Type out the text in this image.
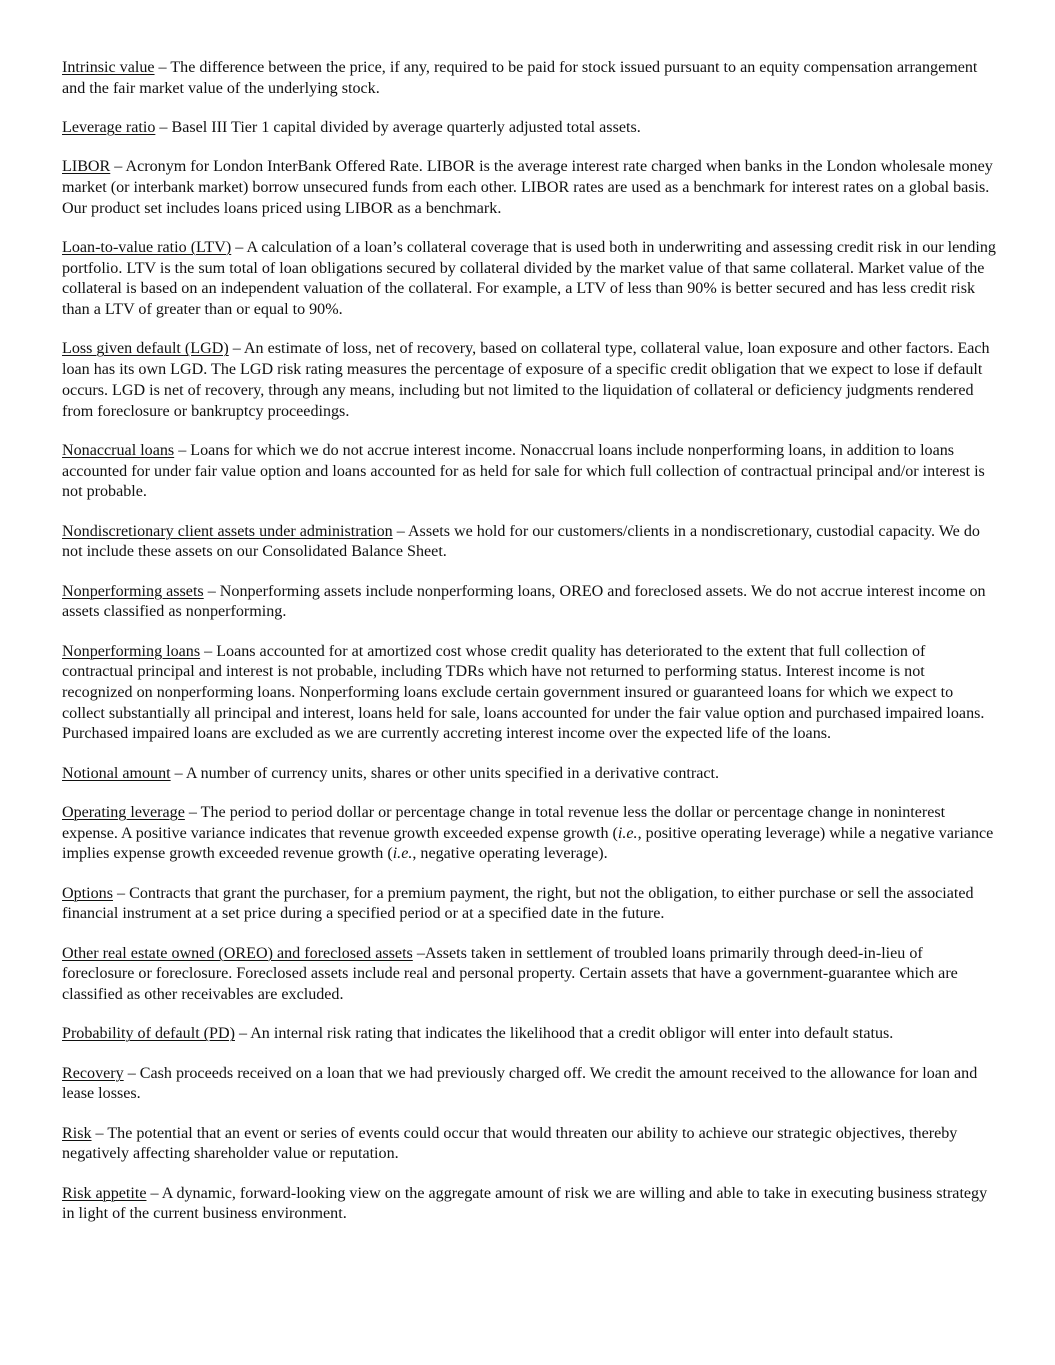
Intrinsic value – The difference between the price, if any, required to be paid for stock issued pursuant to an equity compensation arrangement and the fair market value of the underlying stock.

Leverage ratio – Basel III Tier 1 capital divided by average quarterly adjusted total assets.

LIBOR – Acronym for London InterBank Offered Rate. LIBOR is the average interest rate charged when banks in the London wholesale money market (or interbank market) borrow unsecured funds from each other. LIBOR rates are used as a benchmark for interest rates on a global basis. Our product set includes loans priced using LIBOR as a benchmark.

Loan-to-value ratio (LTV) – A calculation of a loan’s collateral coverage that is used both in underwriting and assessing credit risk in our lending portfolio. LTV is the sum total of loan obligations secured by collateral divided by the market value of that same collateral. Market value of the collateral is based on an independent valuation of the collateral. For example, a LTV of less than 90% is better secured and has less credit risk than a LTV of greater than or equal to 90%.

Loss given default (LGD) – An estimate of loss, net of recovery, based on collateral type, collateral value, loan exposure and other factors. Each loan has its own LGD. The LGD risk rating measures the percentage of exposure of a specific credit obligation that we expect to lose if default occurs. LGD is net of recovery, through any means, including but not limited to the liquidation of collateral or deficiency judgments rendered from foreclosure or bankruptcy proceedings.

Nonaccrual loans – Loans for which we do not accrue interest income. Nonaccrual loans include nonperforming loans, in addition to loans accounted for under fair value option and loans accounted for as held for sale for which full collection of contractual principal and/or interest is not probable.

Nondiscretionary client assets under administration – Assets we hold for our customers/clients in a nondiscretionary, custodial capacity. We do not include these assets on our Consolidated Balance Sheet.

Nonperforming assets – Nonperforming assets include nonperforming loans, OREO and foreclosed assets. We do not accrue interest income on assets classified as nonperforming.

Nonperforming loans – Loans accounted for at amortized cost whose credit quality has deteriorated to the extent that full collection of contractual principal and interest is not probable, including TDRs which have not returned to performing status. Interest income is not recognized on nonperforming loans. Nonperforming loans exclude certain government insured or guaranteed loans for which we expect to collect substantially all principal and interest, loans held for sale, loans accounted for under the fair value option and purchased impaired loans. Purchased impaired loans are excluded as we are currently accreting interest income over the expected life of the loans.

Notional amount – A number of currency units, shares or other units specified in a derivative contract.

Operating leverage – The period to period dollar or percentage change in total revenue less the dollar or percentage change in noninterest expense. A positive variance indicates that revenue growth exceeded expense growth (i.e., positive operating leverage) while a negative variance implies expense growth exceeded revenue growth (i.e., negative operating leverage).

Options – Contracts that grant the purchaser, for a premium payment, the right, but not the obligation, to either purchase or sell the associated financial instrument at a set price during a specified period or at a specified date in the future.

Other real estate owned (OREO) and foreclosed assets –Assets taken in settlement of troubled loans primarily through deed-in-lieu of foreclosure or foreclosure. Foreclosed assets include real and personal property. Certain assets that have a government-guarantee which are classified as other receivables are excluded.

Probability of default (PD) – An internal risk rating that indicates the likelihood that a credit obligor will enter into default status.

Recovery – Cash proceeds received on a loan that we had previously charged off. We credit the amount received to the allowance for loan and lease losses.

Risk – The potential that an event or series of events could occur that would threaten our ability to achieve our strategic objectives, thereby negatively affecting shareholder value or reputation.

Risk appetite – A dynamic, forward-looking view on the aggregate amount of risk we are willing and able to take in executing business strategy in light of the current business environment.
